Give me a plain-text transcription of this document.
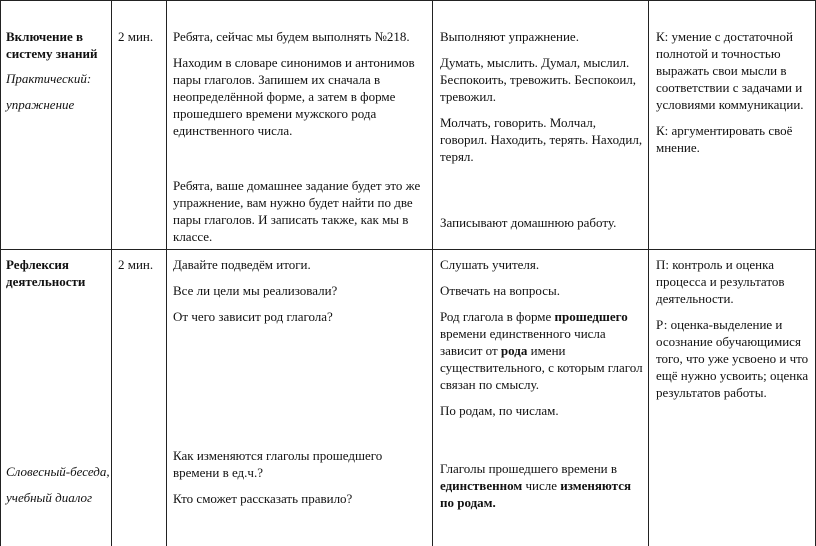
Включение в систему знаний
Практический:
упражнение
2 мин.	Ребята, сейчас мы будем выполнять №218.

Находим в словаре синонимов и антонимов пары глаголов. Запишем их сначала в неопределённой форме, а затем в форме прошедшего времени мужского рода единственного числа.

Ребята, ваше домашнее задание будет это же упражнение, вам нужно будет найти по две пары глаголов. И записать также, как мы в классе.

Выполняют упражнение.

Думать, мыслить. Думал, мыслил. Беспокоить, тревожить. Беспокоил, тревожил.

Молчать, говорить. Молчал, говорил. Находить, терять. Находил, терял.

Записывают домашнюю работу.

К: умение с достаточной полнотой и точностью выражать свои мысли в соответствии с задачами и условиями коммуникации.

К: аргументировать своё мнение.

Рефлексия деятельности
Словесный-беседа,
учебный диалог
2 мин.	Давайте подведём итоги.

Все ли цели мы реализовали?

От чего зависит род глагола?

Как изменяются глаголы прошедшего времени в ед.ч.?

Кто сможет рассказать правило?

Слушать учителя.

Отвечать на вопросы.

Род глагола в форме прошедшего времени единственного числа зависит от рода имени существительного, с которым глагол связан по смыслу.

По родам, по числам.

Глаголы прошедшего времени в единственном числе изменяются по родам.

П: контроль и оценка процесса и результатов деятельности.

Р: оценка-выделение и осознание обучающимися того, что уже усвоено и что ещё нужно усвоить; оценка результатов работы.
